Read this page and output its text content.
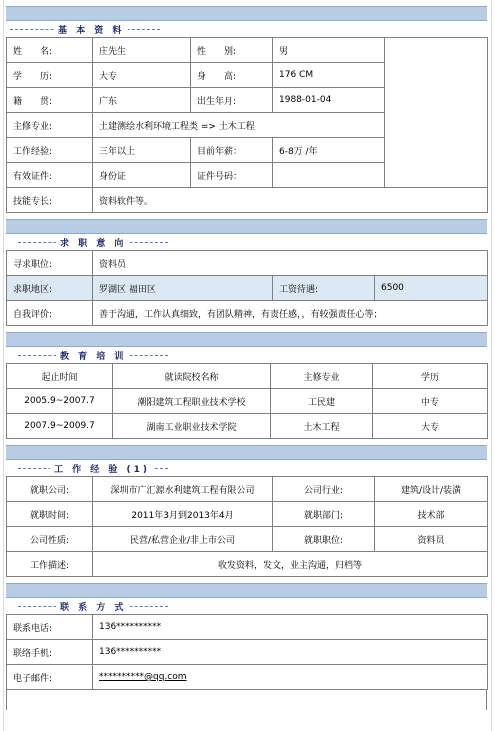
基 本 资 料
姓　　名:	庄先生	性　　别:	男	
学　　历:	大专	身　　高:	176 CM	
籍　　贯:	广东	出生年月:	1988-01-04	
主修专业:	土建测绘水利环境工程类 => 土木工程			
工作经验:	三年以上	目前年薪：	6-8万 /年	
有效证件:	身份证	证件号码：		
技能专长:	资料软件等。			
求 职 意 向
寻求职位:	资料员		
求职地区:	罗湖区 福田区	工资待遇:	6500
自我评价:	善于沟通，工作认真细致，有团队精神，有责任感，，有较强责任心等；		
教 育 培 训
起止时间	就读院校名称	主修专业	学历
2005.9~2007.7	潮阳建筑工程职业技术学校	工民建	中专
2007.9~2009.7	湖南工业职业技术学院	土木工程	大专
工 作 经 验 (1)
就职公司:	深圳市广汇源水利建筑工程有限公司	公司行业:	建筑/设计/装潢
就职时间:	2011年3月到2013年4月	就职部门:	技术部
公司性质:	民营/私营企业/非上市公司	就职职位:	资料员
工作描述:	收发资料，发文，业主沟通，归档等		
联 系 方 式
联系电话:	136**********
联络手机:	136**********
电子邮件:	**********@qq.com
